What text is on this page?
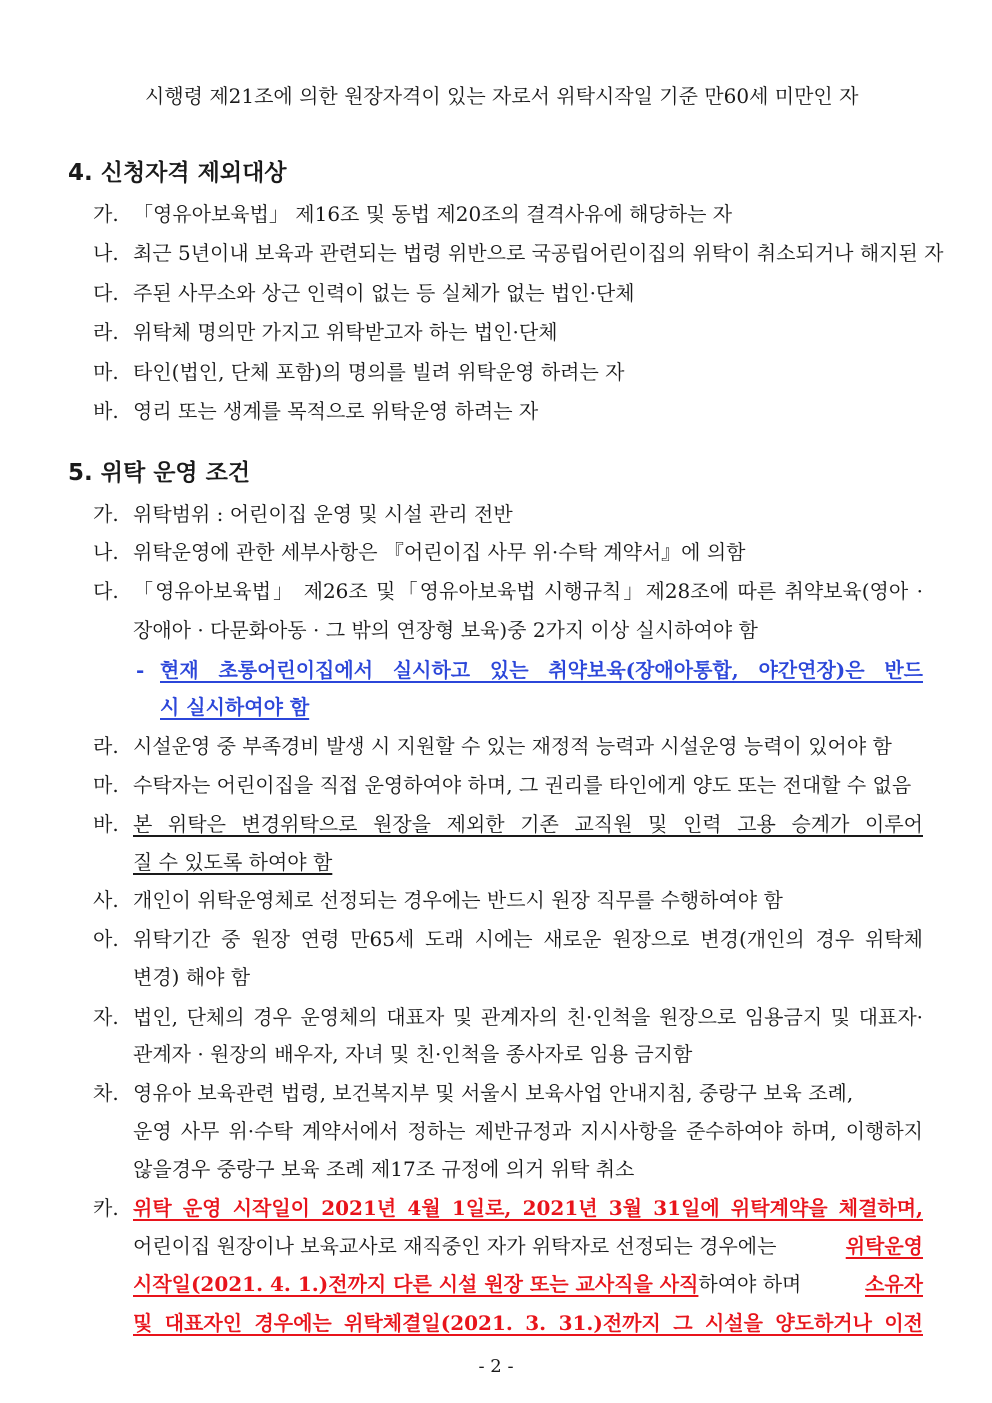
시행령 제21조에 의한 원장자격이 있는 자로서 위탁시작일 기준 만60세 미만인 자
4. 신청자격 제외대상
가. 「영유아보육법」 제16조 및 동법 제20조의 결격사유에 해당하는 자
나. 최근 5년이내 보육과 관련되는 법령 위반으로 국공립어린이집의 위탁이 취소되거나 해지된 자
다. 주된 사무소와 상근 인력이 없는 등 실체가 없는 법인·단체
라. 위탁체 명의만 가지고 위탁받고자 하는 법인·단체
마. 타인(법인, 단체 포함)의 명의를 빌려 위탁운영 하려는 자
바. 영리 또는 생계를 목적으로 위탁운영 하려는 자
5. 위탁 운영 조건
가. 위탁범위 : 어린이집 운영 및 시설 관리 전반
나. 위탁운영에 관한 세부사항은 『어린이집 사무 위·수탁 계약서』에 의함
다. 「영유아보육법」 제26조 및「영유아보육법 시행규칙」제28조에 따른 취약보육(영아 ·
장애아 · 다문화아동 · 그 밖의 연장형 보육)중 2가지 이상 실시하여야 함
- 현재 초롱어린이집에서 실시하고 있는 취약보육(장애아통합, 야간연장)은 반드
시 실시하여야 함
라. 시설운영 중 부족경비 발생 시 지원할 수 있는 재정적 능력과 시설운영 능력이 있어야 함
마. 수탁자는 어린이집을 직접 운영하여야 하며, 그 권리를 타인에게 양도 또는 전대할 수 없음
바. 본 위탁은 변경위탁으로 원장을 제외한 기존 교직원 및 인력 고용 승계가 이루어
질 수 있도록 하여야 함
사. 개인이 위탁운영체로 선정되는 경우에는 반드시 원장 직무를 수행하여야 함
아. 위탁기간 중 원장 연령 만65세 도래 시에는 새로운 원장으로 변경(개인의 경우 위탁체
변경) 해야 함
자. 법인, 단체의 경우 운영체의 대표자 및 관계자의 친·인척을 원장으로 임용금지 및 대표자·
관계자 · 원장의 배우자, 자녀 및 친·인척을 종사자로 임용 금지함
차. 영유아 보육관련 법령, 보건복지부 및 서울시 보육사업 안내지침, 중랑구 보육 조례,
운영 사무 위·수탁 계약서에서 정하는 제반규정과 지시사항을 준수하여야 하며, 이행하지
않을경우 중랑구 보육 조례 제17조 규정에 의거 위탁 취소
카. 위탁 운영 시작일이 2021년 4월 1일로, 2021년 3월 31일에 위탁계약을 체결하며,
어린이집 원장이나 보육교사로 재직중인 자가 위탁자로 선정되는 경우에는	위탁운영
시작일(2021. 4. 1.)전까지 다른 시설 원장 또는 교사직을 사직하여야 하며	소유자
및 대표자인 경우에는 위탁체결일(2021. 3. 31.)전까지 그 시설을 양도하거나 이전
- 2 -
